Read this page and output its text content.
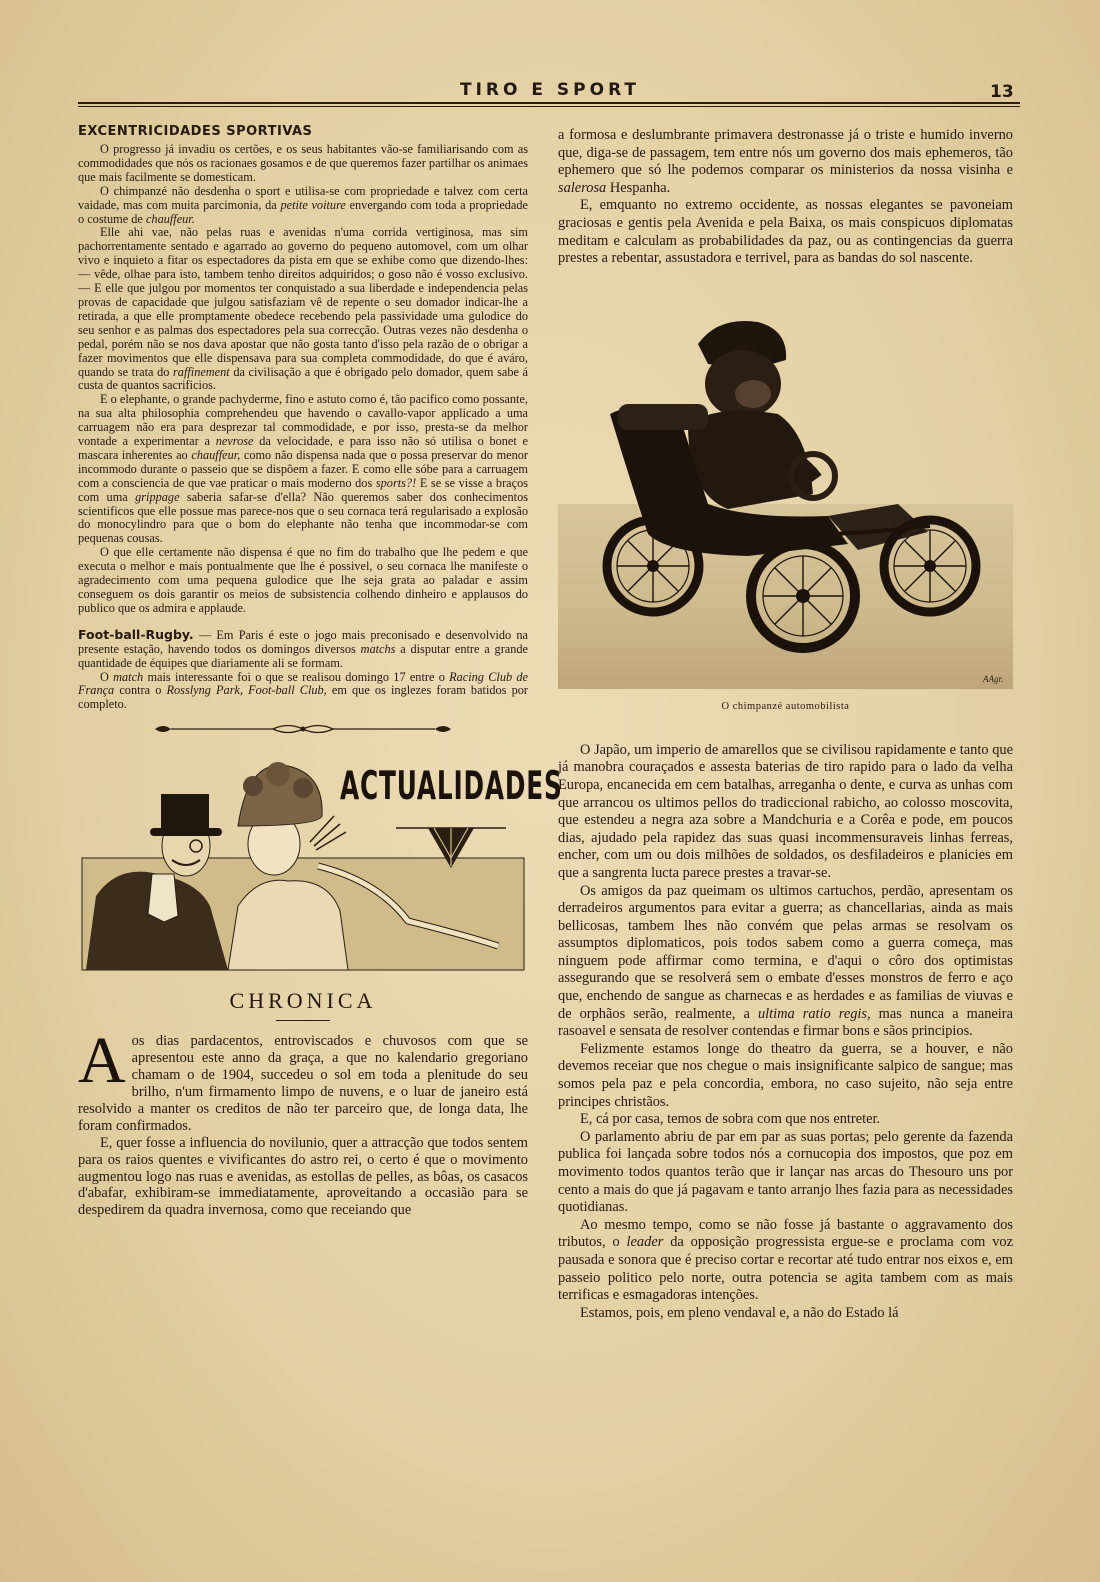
TIRO E SPORT	13
EXCENTRICIDADES SPORTIVAS

O progresso já invadiu os certões, e os seus habitantes vão-se familiarisando com as commodidades que nós os racionaes gosamos e de que queremos fazer partilhar os animaes que mais facilmente se domesticam.

O chimpanzé não desdenha o sport e utilisa-se com propriedade e talvez com certa vaidade, mas com muita parcimonia, da petite voiture envergando com toda a propriedade o costume de chauffeur.

Elle ahi vae, não pelas ruas e avenidas n'uma corrida vertiginosa, mas sim pachorrentamente sentado e agarrado ao governo do pequeno automovel, com um olhar vivo e inquieto a fitar os espectadores da pista em que se exhibe como que dizendo-lhes: — vêde, olhae para isto, tambem tenho direitos adquiridos; o goso não é vosso exclusivo. — E elle que julgou por momentos ter conquistado a sua liberdade e independencia pelas provas de capacidade que julgou satisfaziam vê de repente o seu domador indicar-lhe a retirada, a que elle promptamente obedece recebendo pela passividade uma gulodice do seu senhor e as palmas dos espectadores pela sua correcção. Outras vezes não desdenha o pedal, porém não se nos dava apostar que não gosta tanto d'isso pela razão de o obrigar a fazer movimentos que elle dispensava para sua completa commodidade, do que é aváro, quando se trata do raffinement da civilisação a que é obrigado pelo domador, quem sabe á custa de quantos sacrificios.

E o elephante, o grande pachyderme, fino e astuto como é, tão pacifico como possante, na sua alta philosophia comprehendeu que havendo o cavallo-vapor applicado a uma carruagem não era para desprezar tal commodidade, e por isso, presta-se da melhor vontade a experimentar a nevrose da velocidade, e para isso não só utilisa o bonet e mascara inherentes ao chauffeur, como não dispensa nada que o possa preservar do menor incommodo durante o passeio que se dispõem a fazer. E como elle sóbe para a carruagem com a consciencia de que vae praticar o mais moderno dos sports?! E se se visse a braços com uma grippage saberia safar-se d'ella? Não queremos saber dos conhecimentos scientificos que elle possue mas parece-nos que o seu cornaca terá regularisado a explosão do monocylindro para que o bom do elephante não tenha que incommodar-se com pequenas cousas.

O que elle certamente não dispensa é que no fim do trabalho que lhe pedem e que executa o melhor e mais pontualmente que lhe é possivel, o seu cornaca lhe manifeste o agradecimento com uma pequena gulodice que lhe seja grata ao paladar e assim conseguem os dois garantir os meios de subsistencia colhendo dinheiro e applausos do publico que os admira e applaude.

Foot-ball-Rugby. — Em Paris é este o jogo mais preconisado e desenvolvido na presente estação, havendo todos os domingos diversos matchs a disputar entre a grande quantidade de équipes que diariamente ali se formam.

O match mais interessante foi o que se realisou domingo 17 entre o Racing Club de França contra o Rosslyng Park, Foot-ball Club, em que os inglezes foram batidos por completo.

ACTUALIDADES
CHRONICA

Aos dias pardacentos, entroviscados e chuvosos com que se apresentou este anno da graça, a que no kalendario gregoriano chamam o de 1904, succedeu o sol em toda a plenitude do seu brilho, n'um firmamento limpo de nuvens, e o luar de janeiro está resolvido a manter os creditos de não ter parceiro que, de longa data, lhe foram confirmados.

E, quer fosse a influencia do novilunio, quer a attracção que todos sentem para os raios quentes e vivificantes do astro rei, o certo é que o movimento augmentou logo nas ruas e avenidas, as estollas de pelles, as bôas, os casacos d'abafar, exhibiram-se immediatamente, aproveitando a occasião para se despedirem da quadra invernosa, como que receiando que

a formosa e deslumbrante primavera destronasse já o triste e humido inverno que, diga-se de passagem, tem entre nós um governo dos mais ephemeros, tão ephemero que só lhe podemos comparar os ministerios da nossa visinha e salerosa Hespanha.

E, emquanto no extremo occidente, as nossas elegantes se pavoneiam graciosas e gentis pela Avenida e pela Baixa, os mais conspicuos diplomatas meditam e calculam as probabilidades da paz, ou as contingencias da guerra prestes a rebentar, assustadora e terrivel, para as bandas do sol nascente.

AAgr.
O chimpanzé automobilista

O Japão, um imperio de amarellos que se civilisou rapidamente e tanto que já manobra couraçados e assesta baterias de tiro rapido para o lado da velha Europa, encanecida em cem batalhas, arreganha o dente, e curva as unhas com que arrancou os ultimos pellos do tradiccional rabicho, ao colosso moscovita, que estendeu a negra aza sobre a Mandchuria e a Corêa e pode, em poucos dias, ajudado pela rapidez das suas quasi incommensuraveis linhas ferreas, encher, com um ou dois milhões de soldados, os desfiladeiros e planicies em que a sangrenta lucta parece prestes a travar-se.

Os amigos da paz queimam os ultimos cartuchos, perdão, apresentam os derradeiros argumentos para evitar a guerra; as chancellarias, ainda as mais bellicosas, tambem lhes não convém que pelas armas se resolvam os assumptos diplomaticos, pois todos sabem como a guerra começa, mas ninguem pode affirmar como termina, e d'aqui o côro dos optimistas assegurando que se resolverá sem o embate d'esses monstros de ferro e aço que, enchendo de sangue as charnecas e as herdades e as familias de viuvas e de orphãos serão, realmente, a ultima ratio regis, mas nunca a maneira rasoavel e sensata de resolver contendas e firmar bons e sãos principios.

Felizmente estamos longe do theatro da guerra, se a houver, e não devemos receiar que nos chegue o mais insignificante salpico de sangue; mas somos pela paz e pela concordia, embora, no caso sujeito, não seja entre principes christãos.

E, cá por casa, temos de sobra com que nos entreter.

O parlamento abriu de par em par as suas portas; pelo gerente da fazenda publica foi lançada sobre todos nós a cornucopia dos impostos, que poz em movimento todos quantos terão que ir lançar nas arcas do Thesouro uns por cento a mais do que já pagavam e tanto arranjo lhes fazia para as necessidades quotidianas.

Ao mesmo tempo, como se não fosse já bastante o aggravamento dos tributos, o leader da opposição progressista ergue-se e proclama com voz pausada e sonora que é preciso cortar e recortar até tudo entrar nos eixos e, em passeio politico pelo norte, outra potencia se agita tambem com as mais terrificas e esmagadoras intenções.

Estamos, pois, em pleno vendaval e, a não do Estado lá
